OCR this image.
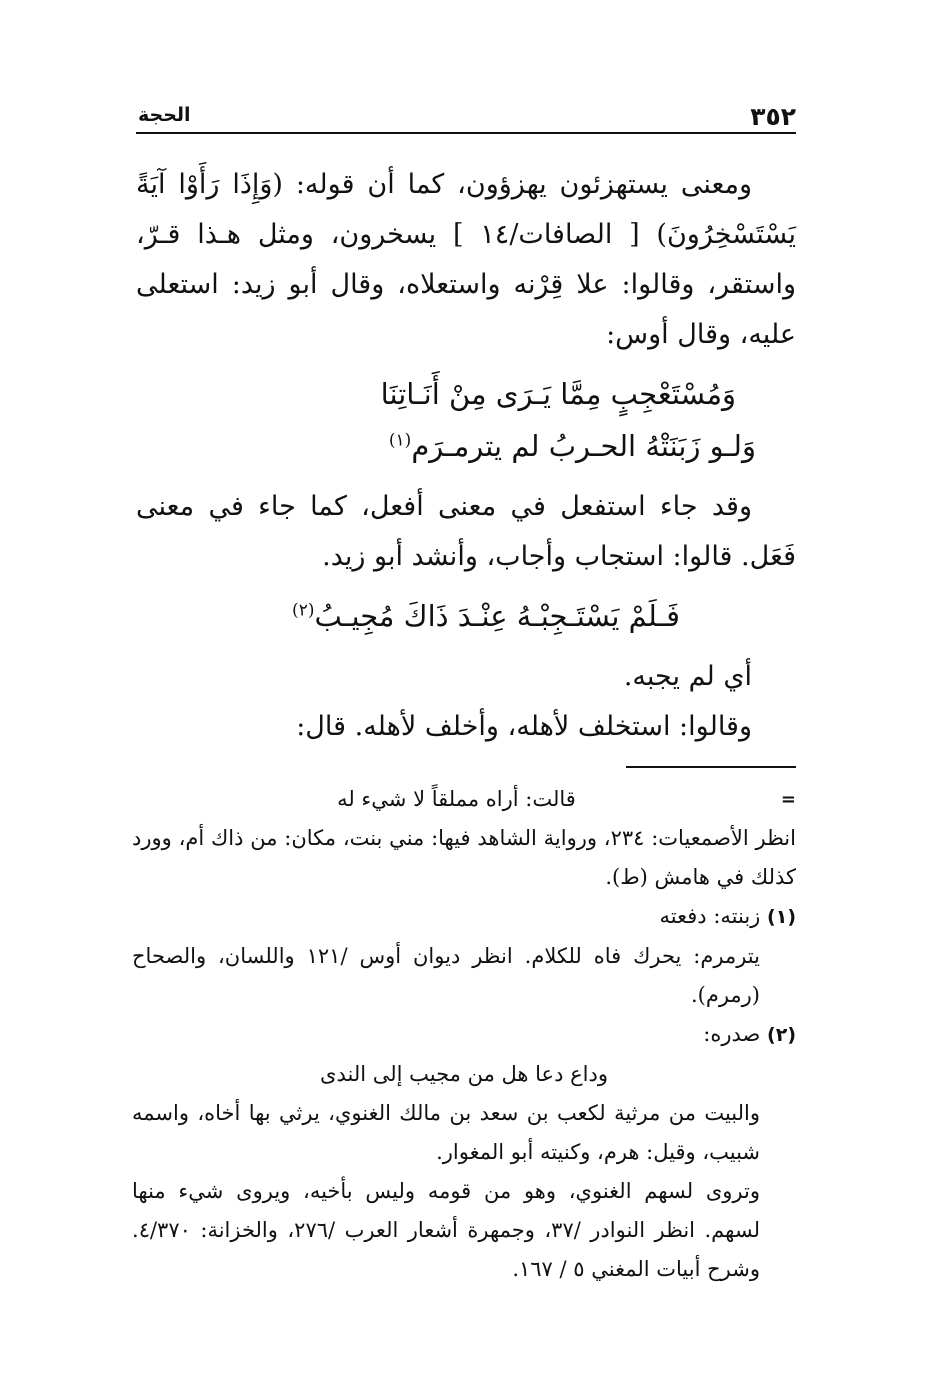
٣٥٢
الحجة

ومعنى يستهزئون يهزؤون، كما أن قوله: (وَإِذَا رَأَوْا آيَةً يَسْتَسْخِرُونَ) [ الصافات/١٤ ] يسخرون، ومثل هـذا قـرّ، واستقر، وقالوا: علا قِرْنه واستعلاه، وقال أبو زيد: استعلى عليه، وقال أوس:

وَمُسْتَعْجِبٍ مِمَّا يَـرَى مِنْ أَنَـاتِنَا

وَلـو زَبَنَتْهُ الحـربُ لم يترمـرَم$^{(١)}$

وقد جاء استفعل في معنى أفعل، كما جاء في معنى فَعَل. قالوا: استجاب وأجاب، وأنشد أبو زيد.

فَـلَمْ يَسْتَـجِبْـهُ عِنْـدَ ذَاكَ مُجِيـبُ$^{(٢)}$

أي لم يجبه.

وقالوا: استخلف لأهله، وأخلف لأهله. قال:

=
قالت: أراه مملقاً لا شيء له

انظر الأصمعيات: ٢٣٤، ورواية الشاهد فيها: مني بنت، مكان: من ذاك أم، وورد كذلك في هامش (ط).

(١) زبنته: دفعته

يترمرم: يحرك فاه للكلام. انظر ديوان أوس /١٢١ واللسان، والصحاح (رمرم).

(٢) صدره:

وداع دعا هل من مجيب إلى الندى

والبيت من مرثية لكعب بن سعد بن مالك الغنوي، يرثي بها أخاه، واسمه شبيب، وقيل: هرم، وكنيته أبو المغوار.

وتروى لسهم الغنوي، وهو من قومه وليس بأخيه، ويروى شيء منها لسهم. انظر النوادر /٣٧، وجمهرة أشعار العرب /٢٧٦، والخزانة: ٤/٣٧٠. وشرح أبيات المغني ٥ / ١٦٧.
